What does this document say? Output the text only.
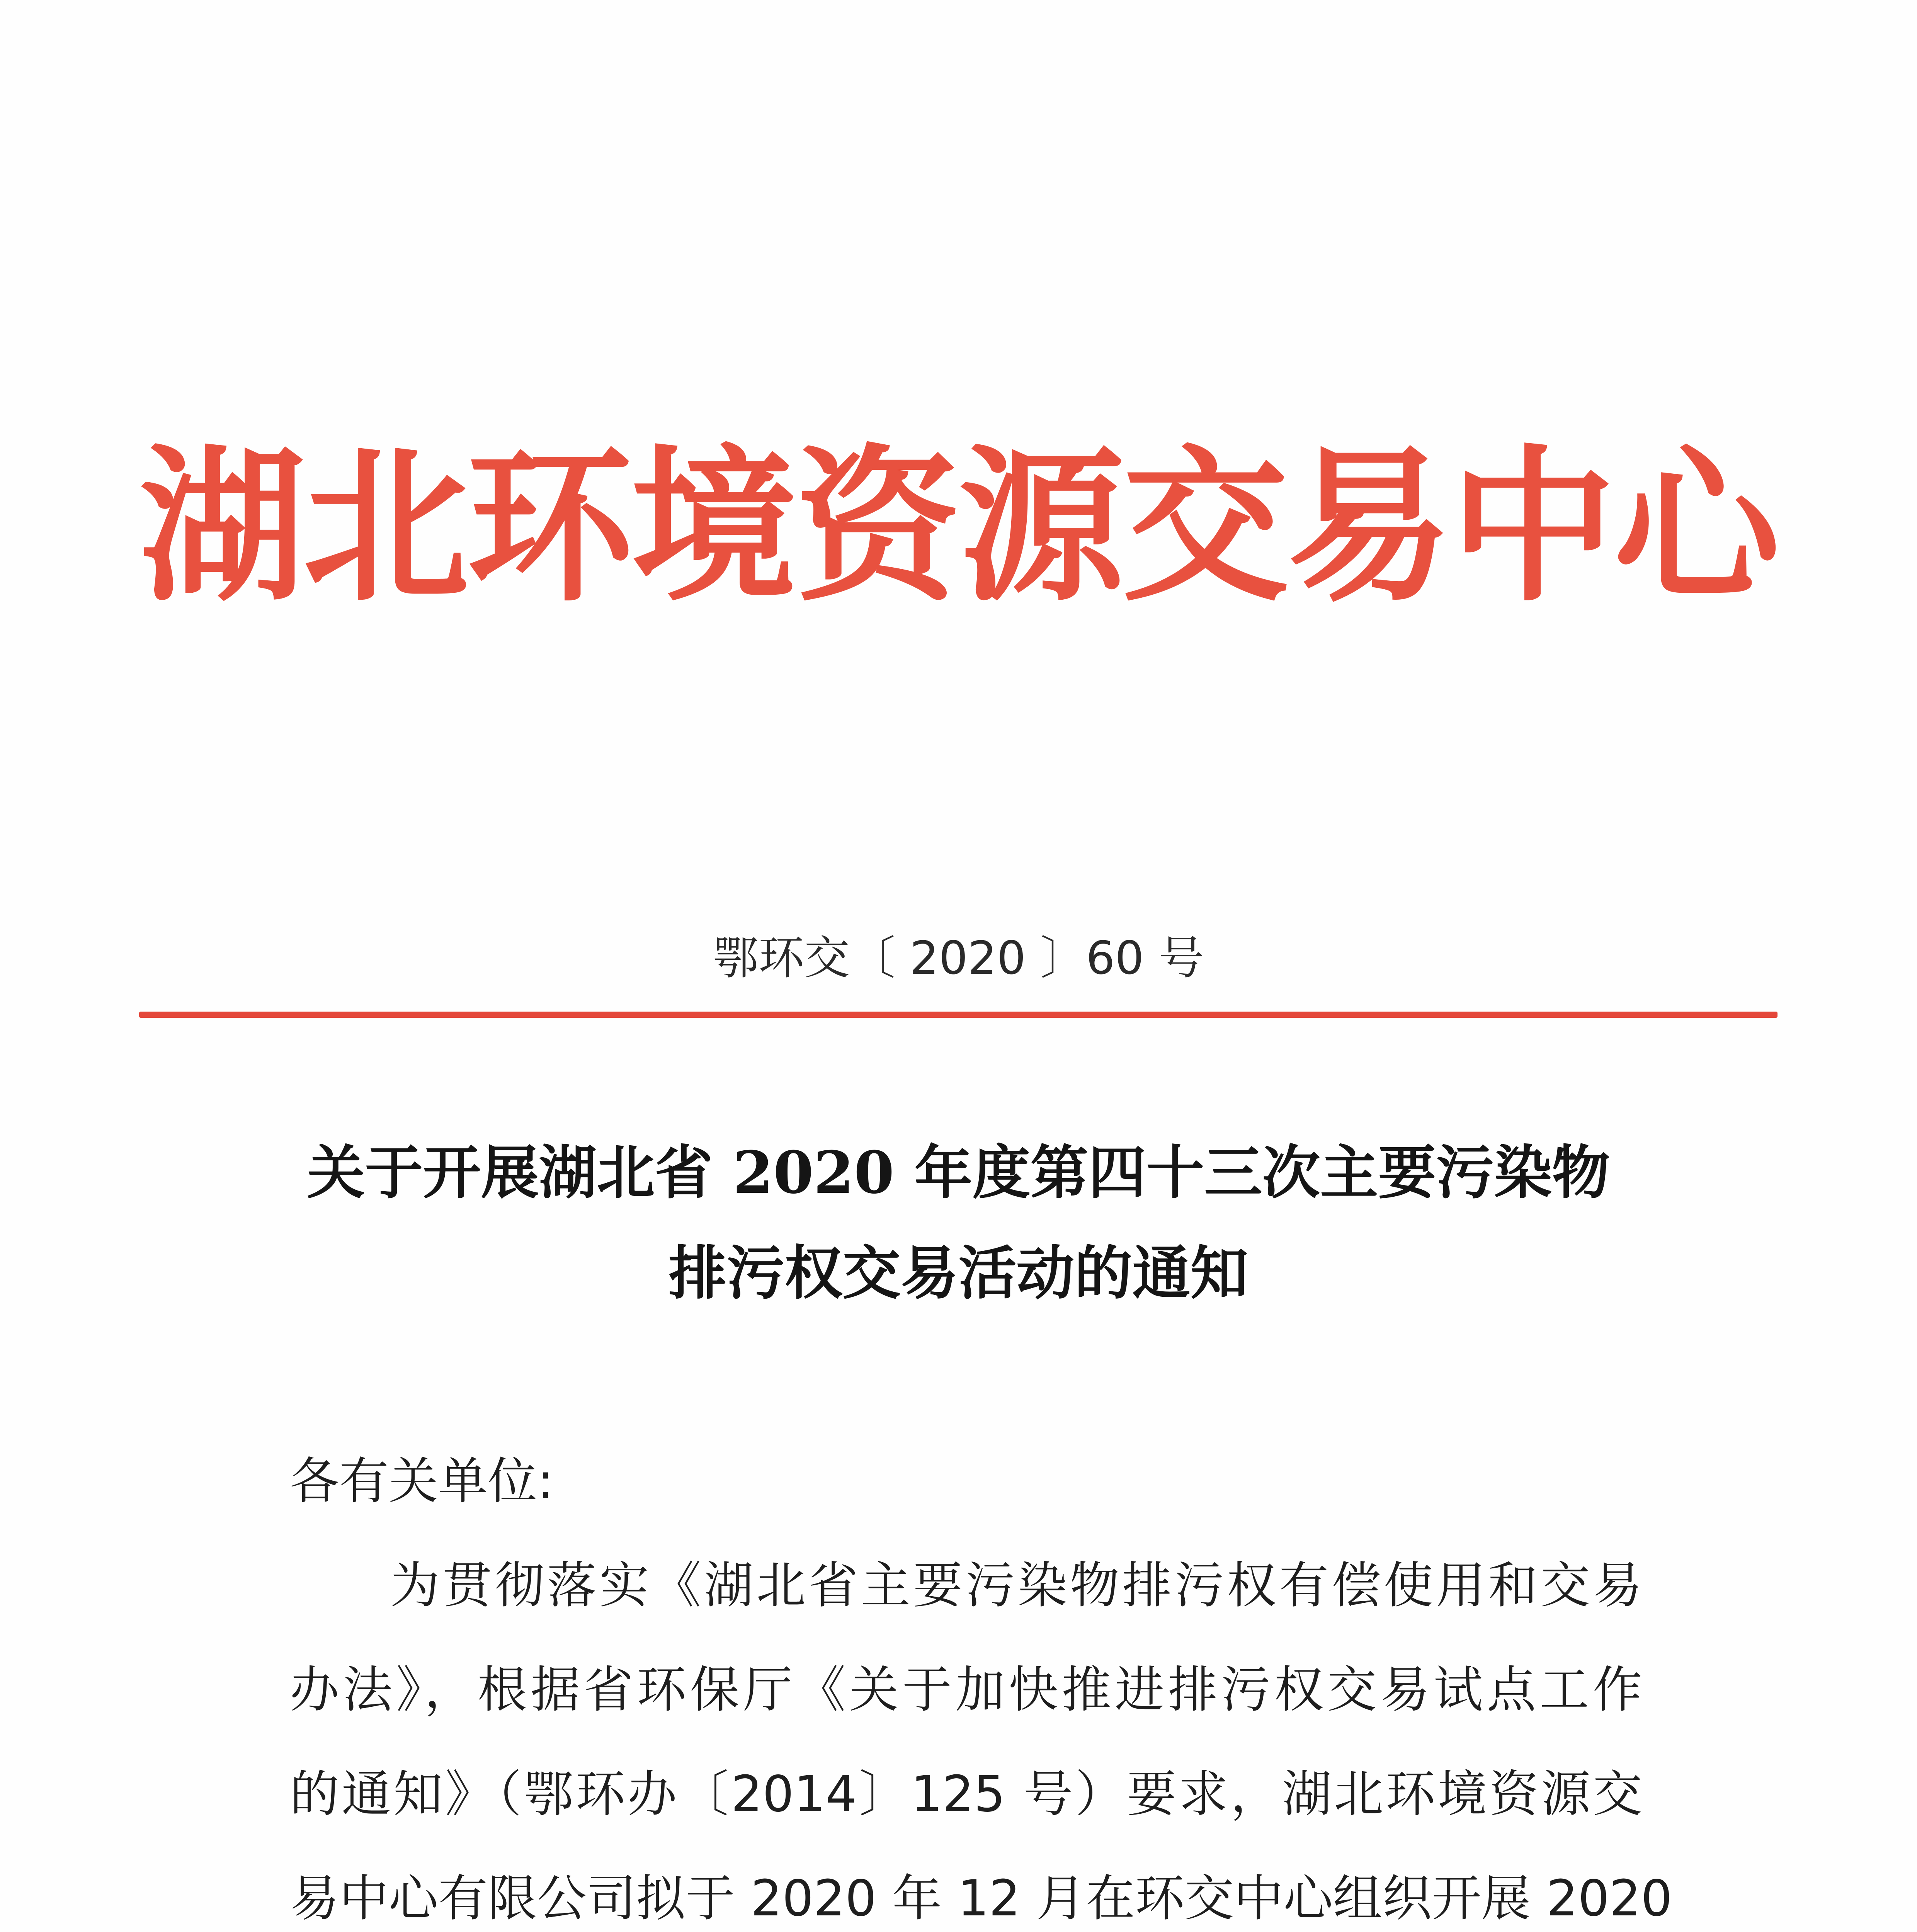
湖北环境资源交易中心
鄂环交〔 2020 〕60 号
关于开展湖北省 2020 年度第四十三次主要污染物
排污权交易活动的通知
各有关单位:
为贯彻落实《湖北省主要污染物排污权有偿使用和交易
办法》，根据省环保厅《关于加快推进排污权交易试点工作
的通知》（鄂环办〔2014〕125 号）要求，湖北环境资源交
易中心有限公司拟于 2020 年 12 月在环交中心组织开展 2020
